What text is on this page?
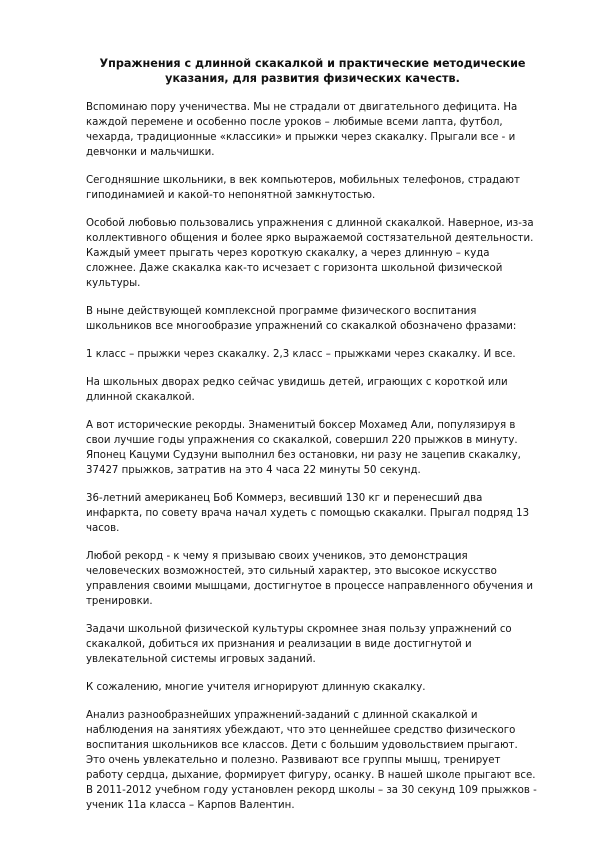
Упражнения с длинной скакалкой и практические методические указания, для развития физических качеств.

Вспоминаю пору ученичества. Мы не страдали от двигательного дефицита. На каждой перемене и особенно после уроков – любимые всеми лапта, футбол, чехарда, традиционные «классики» и прыжки через скакалку. Прыгали все - и девчонки и мальчишки.

Сегодняшние школьники, в век компьютеров, мобильных телефонов, страдают гиподинамией и какой-то непонятной замкнутостью.

Особой любовью пользовались упражнения с длинной скакалкой. Наверное, из-за коллективного общения и более ярко выражаемой состязательной деятельности. Каждый умеет прыгать через короткую скакалку, а через длинную – куда сложнее. Даже скакалка как-то исчезает с горизонта школьной физической культуры.

В ныне действующей комплексной программе физического воспитания школьников все многообразие упражнений со скакалкой обозначено фразами:

1 класс – прыжки через скакалку. 2,3 класс – прыжками через скакалку. И все.

На школьных дворах редко сейчас увидишь детей, играющих с короткой или длинной скакалкой.

А вот исторические рекорды. Знаменитый боксер Мохамед Али, популязируя в свои лучшие годы упражнения со скакалкой, совершил 220 прыжков в минуту. Японец Кацуми Судзуни выполнил без остановки, ни разу не зацепив скакалку, 37427 прыжков, затратив на это 4 часа 22 минуты 50 секунд.

36-летний американец Боб Коммерз, весивший 130 кг и перенесший два инфаркта, по совету врача начал худеть с помощью скакалки. Прыгал подряд 13 часов.

Любой рекорд - к чему я призываю своих учеников, это демонстрация человеческих возможностей, это сильный характер, это высокое искусство управления своими мышцами, достигнутое в процессе направленного обучения и тренировки.

Задачи школьной физической культуры скромнее зная пользу упражнений со скакалкой, добиться их признания и реализации в виде достигнутой и увлекательной системы игровых заданий.

К сожалению, многие учителя игнорируют длинную скакалку.

Анализ разнообразнейших упражнений-заданий с длинной скакалкой и наблюдения на занятиях убеждают, что это ценнейшее средство физического воспитания школьников все классов. Дети с большим удовольствием прыгают. Это очень увлекательно и полезно. Развивают все группы мышц, тренирует работу сердца, дыхание, формирует фигуру, осанку. В нашей школе прыгают все. В 2011-2012 учебном году установлен рекорд школы – за 30 секунд 109 прыжков - ученик 11а класса – Карпов Валентин.
